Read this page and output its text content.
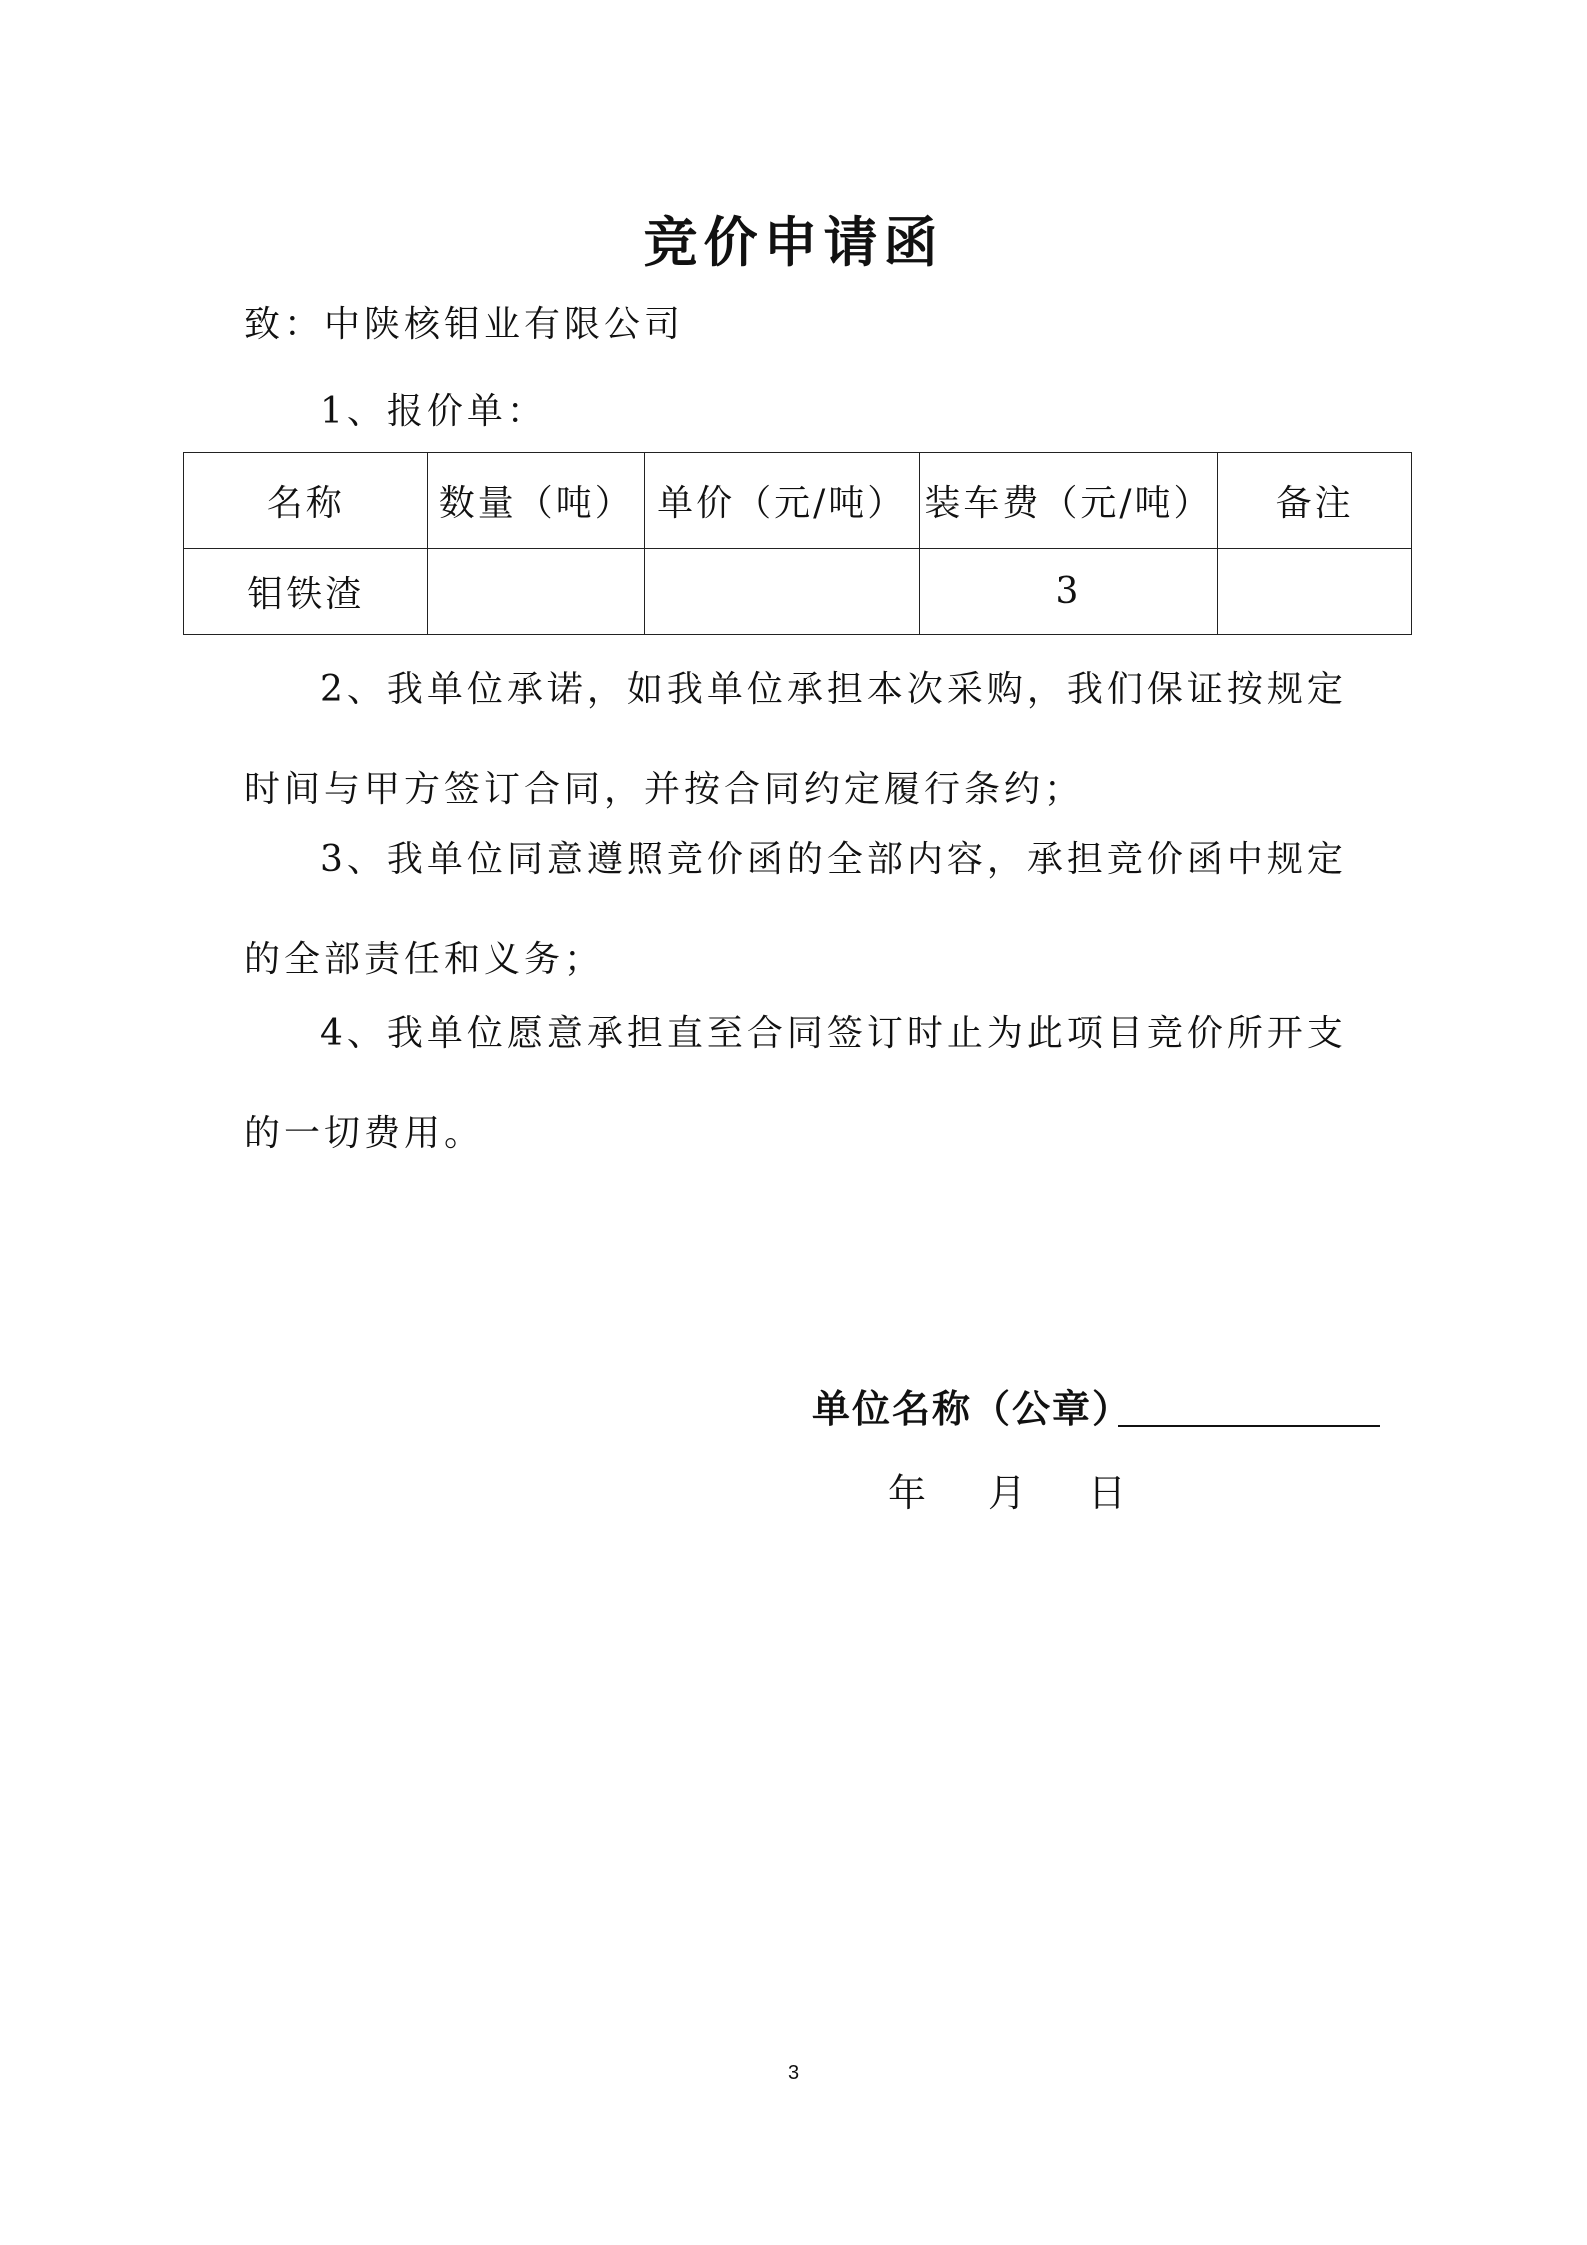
竞价申请函
致：中陕核钼业有限公司
1、报价单：
名称	数量（吨）	单价（元/吨）	装车费（元/吨）	备注
钼铁渣			3	
2、我单位承诺，如我单位承担本次采购，我们保证按规定时间与甲方签订合同，并按合同约定履行条约；
3、我单位同意遵照竞价函的全部内容，承担竞价函中规定的全部责任和义务；
4、我单位愿意承担直至合同签订时止为此项目竞价所开支的一切费用。
单位名称（公章）
年 月 日
3
